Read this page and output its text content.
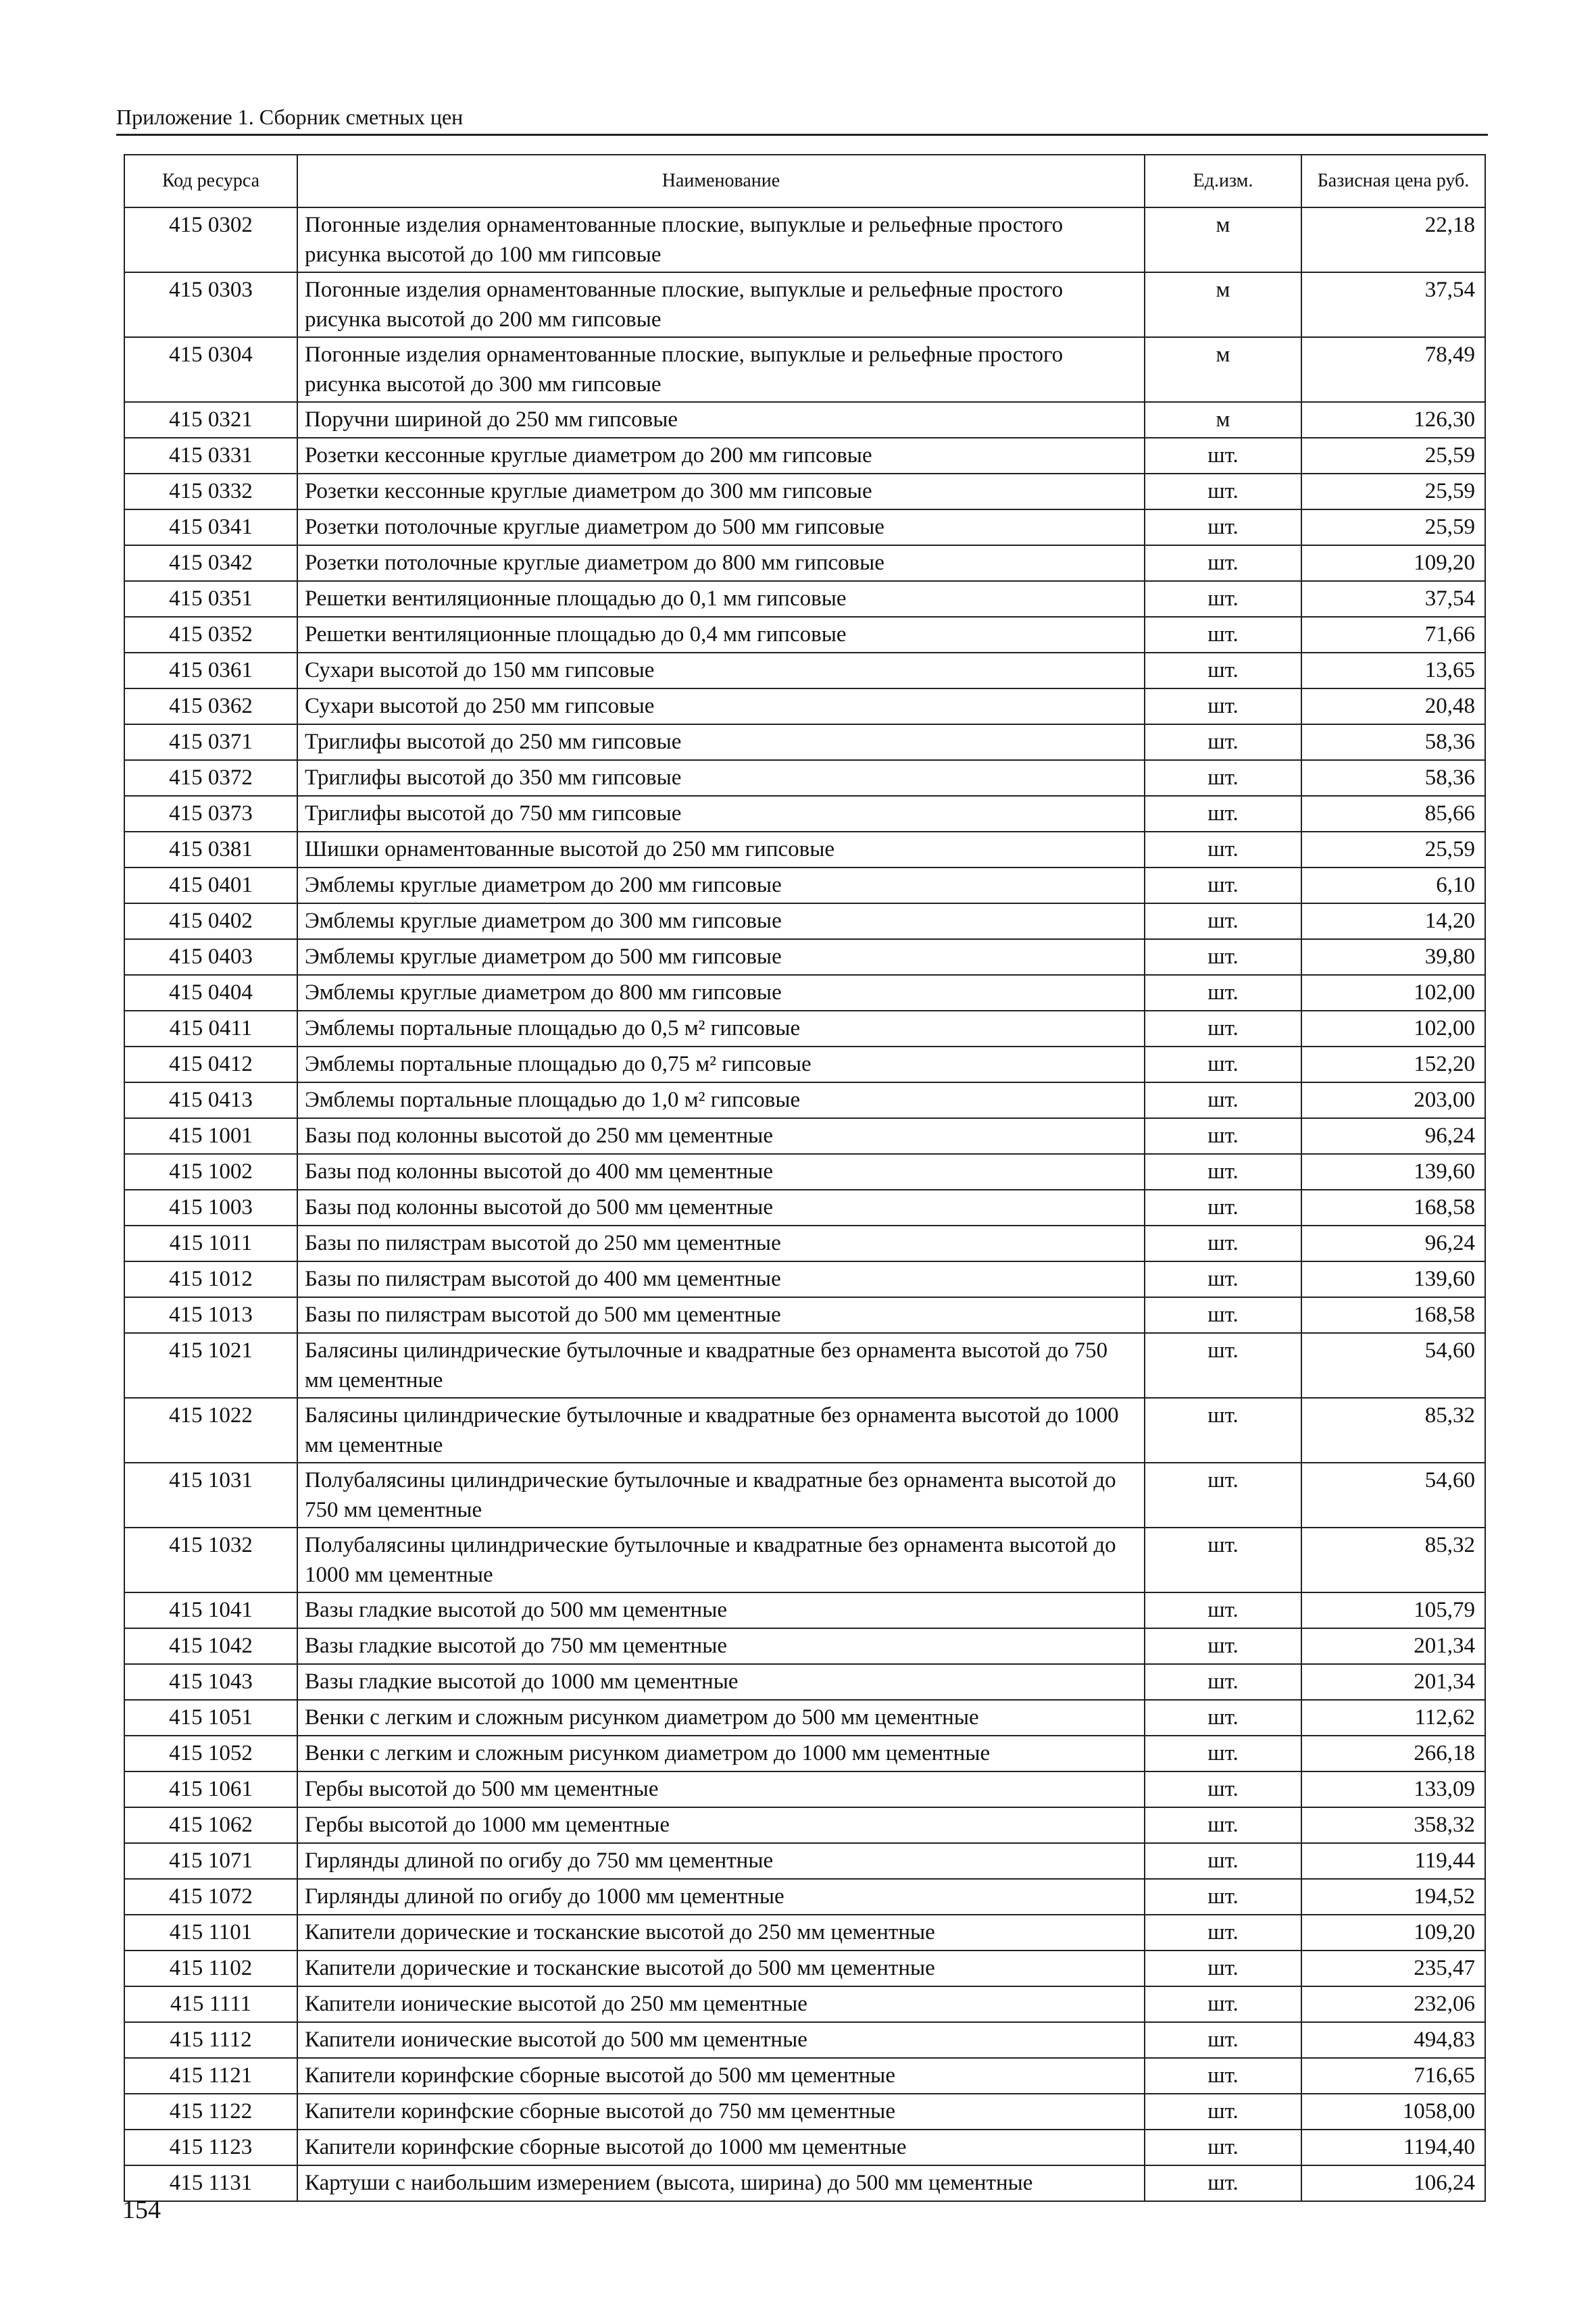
Приложение 1. Сборник сметных цен
Код ресурса	Наименование	Ед.изм.	Базисная цена руб.
415 0302	Погонные изделия орнаментованные плоские, выпуклые и рельефные простого рисунка высотой до 100 мм гипсовые	м	22,18
415 0303	Погонные изделия орнаментованные плоские, выпуклые и рельефные простого рисунка высотой до 200 мм гипсовые	м	37,54
415 0304	Погонные изделия орнаментованные плоские, выпуклые и рельефные простого рисунка высотой до 300 мм гипсовые	м	78,49
415 0321	Поручни шириной до 250 мм гипсовые	м	126,30
415 0331	Розетки кессонные круглые диаметром до 200 мм гипсовые	шт.	25,59
415 0332	Розетки кессонные круглые диаметром до 300 мм гипсовые	шт.	25,59
415 0341	Розетки потолочные круглые диаметром до 500 мм гипсовые	шт.	25,59
415 0342	Розетки потолочные круглые диаметром до 800 мм гипсовые	шт.	109,20
415 0351	Решетки вентиляционные площадью до 0,1 мм гипсовые	шт.	37,54
415 0352	Решетки вентиляционные площадью до 0,4 мм гипсовые	шт.	71,66
415 0361	Сухари высотой до 150 мм гипсовые	шт.	13,65
415 0362	Сухари высотой до 250 мм гипсовые	шт.	20,48
415 0371	Триглифы высотой до 250 мм гипсовые	шт.	58,36
415 0372	Триглифы высотой до 350 мм гипсовые	шт.	58,36
415 0373	Триглифы высотой до 750 мм гипсовые	шт.	85,66
415 0381	Шишки орнаментованные высотой до 250 мм гипсовые	шт.	25,59
415 0401	Эмблемы круглые диаметром до 200 мм гипсовые	шт.	6,10
415 0402	Эмблемы круглые диаметром до 300 мм гипсовые	шт.	14,20
415 0403	Эмблемы круглые диаметром до 500 мм гипсовые	шт.	39,80
415 0404	Эмблемы круглые диаметром до 800 мм гипсовые	шт.	102,00
415 0411	Эмблемы портальные площадью до 0,5 м² гипсовые	шт.	102,00
415 0412	Эмблемы портальные площадью до 0,75 м² гипсовые	шт.	152,20
415 0413	Эмблемы портальные площадью до 1,0 м² гипсовые	шт.	203,00
415 1001	Базы под колонны высотой до 250 мм цементные	шт.	96,24
415 1002	Базы под колонны высотой до 400 мм цементные	шт.	139,60
415 1003	Базы под колонны высотой до 500 мм цементные	шт.	168,58
415 1011	Базы по пилястрам высотой до 250 мм цементные	шт.	96,24
415 1012	Базы по пилястрам высотой до 400 мм цементные	шт.	139,60
415 1013	Базы по пилястрам высотой до 500 мм цементные	шт.	168,58
415 1021	Балясины цилиндрические бутылочные и квадратные без орнамента высотой до 750 мм цементные	шт.	54,60
415 1022	Балясины цилиндрические бутылочные и квадратные без орнамента высотой до 1000 мм цементные	шт.	85,32
415 1031	Полубалясины цилиндрические бутылочные и квадратные без орнамента высотой до 750 мм цементные	шт.	54,60
415 1032	Полубалясины цилиндрические бутылочные и квадратные без орнамента высотой до 1000 мм цементные	шт.	85,32
415 1041	Вазы гладкие высотой до 500 мм цементные	шт.	105,79
415 1042	Вазы гладкие высотой до 750 мм цементные	шт.	201,34
415 1043	Вазы гладкие высотой до 1000 мм цементные	шт.	201,34
415 1051	Венки с легким и сложным рисунком диаметром до 500 мм цементные	шт.	112,62
415 1052	Венки с легким и сложным рисунком диаметром до 1000 мм цементные	шт.	266,18
415 1061	Гербы высотой до 500 мм цементные	шт.	133,09
415 1062	Гербы высотой до 1000 мм цементные	шт.	358,32
415 1071	Гирлянды длиной по огибу до 750 мм цементные	шт.	119,44
415 1072	Гирлянды длиной по огибу до 1000 мм цементные	шт.	194,52
415 1101	Капители дорические и тосканские высотой до 250 мм цементные	шт.	109,20
415 1102	Капители дорические и тосканские высотой до 500 мм цементные	шт.	235,47
415 1111	Капители ионические высотой до 250 мм цементные	шт.	232,06
415 1112	Капители ионические высотой до 500 мм цементные	шт.	494,83
415 1121	Капители коринфские сборные высотой до 500 мм цементные	шт.	716,65
415 1122	Капители коринфские сборные высотой до 750 мм цементные	шт.	1058,00
415 1123	Капители коринфские сборные высотой до 1000 мм цементные	шт.	1194,40
415 1131	Картуши с наибольшим измерением (высота, ширина) до 500 мм цементные	шт.	106,24
154
